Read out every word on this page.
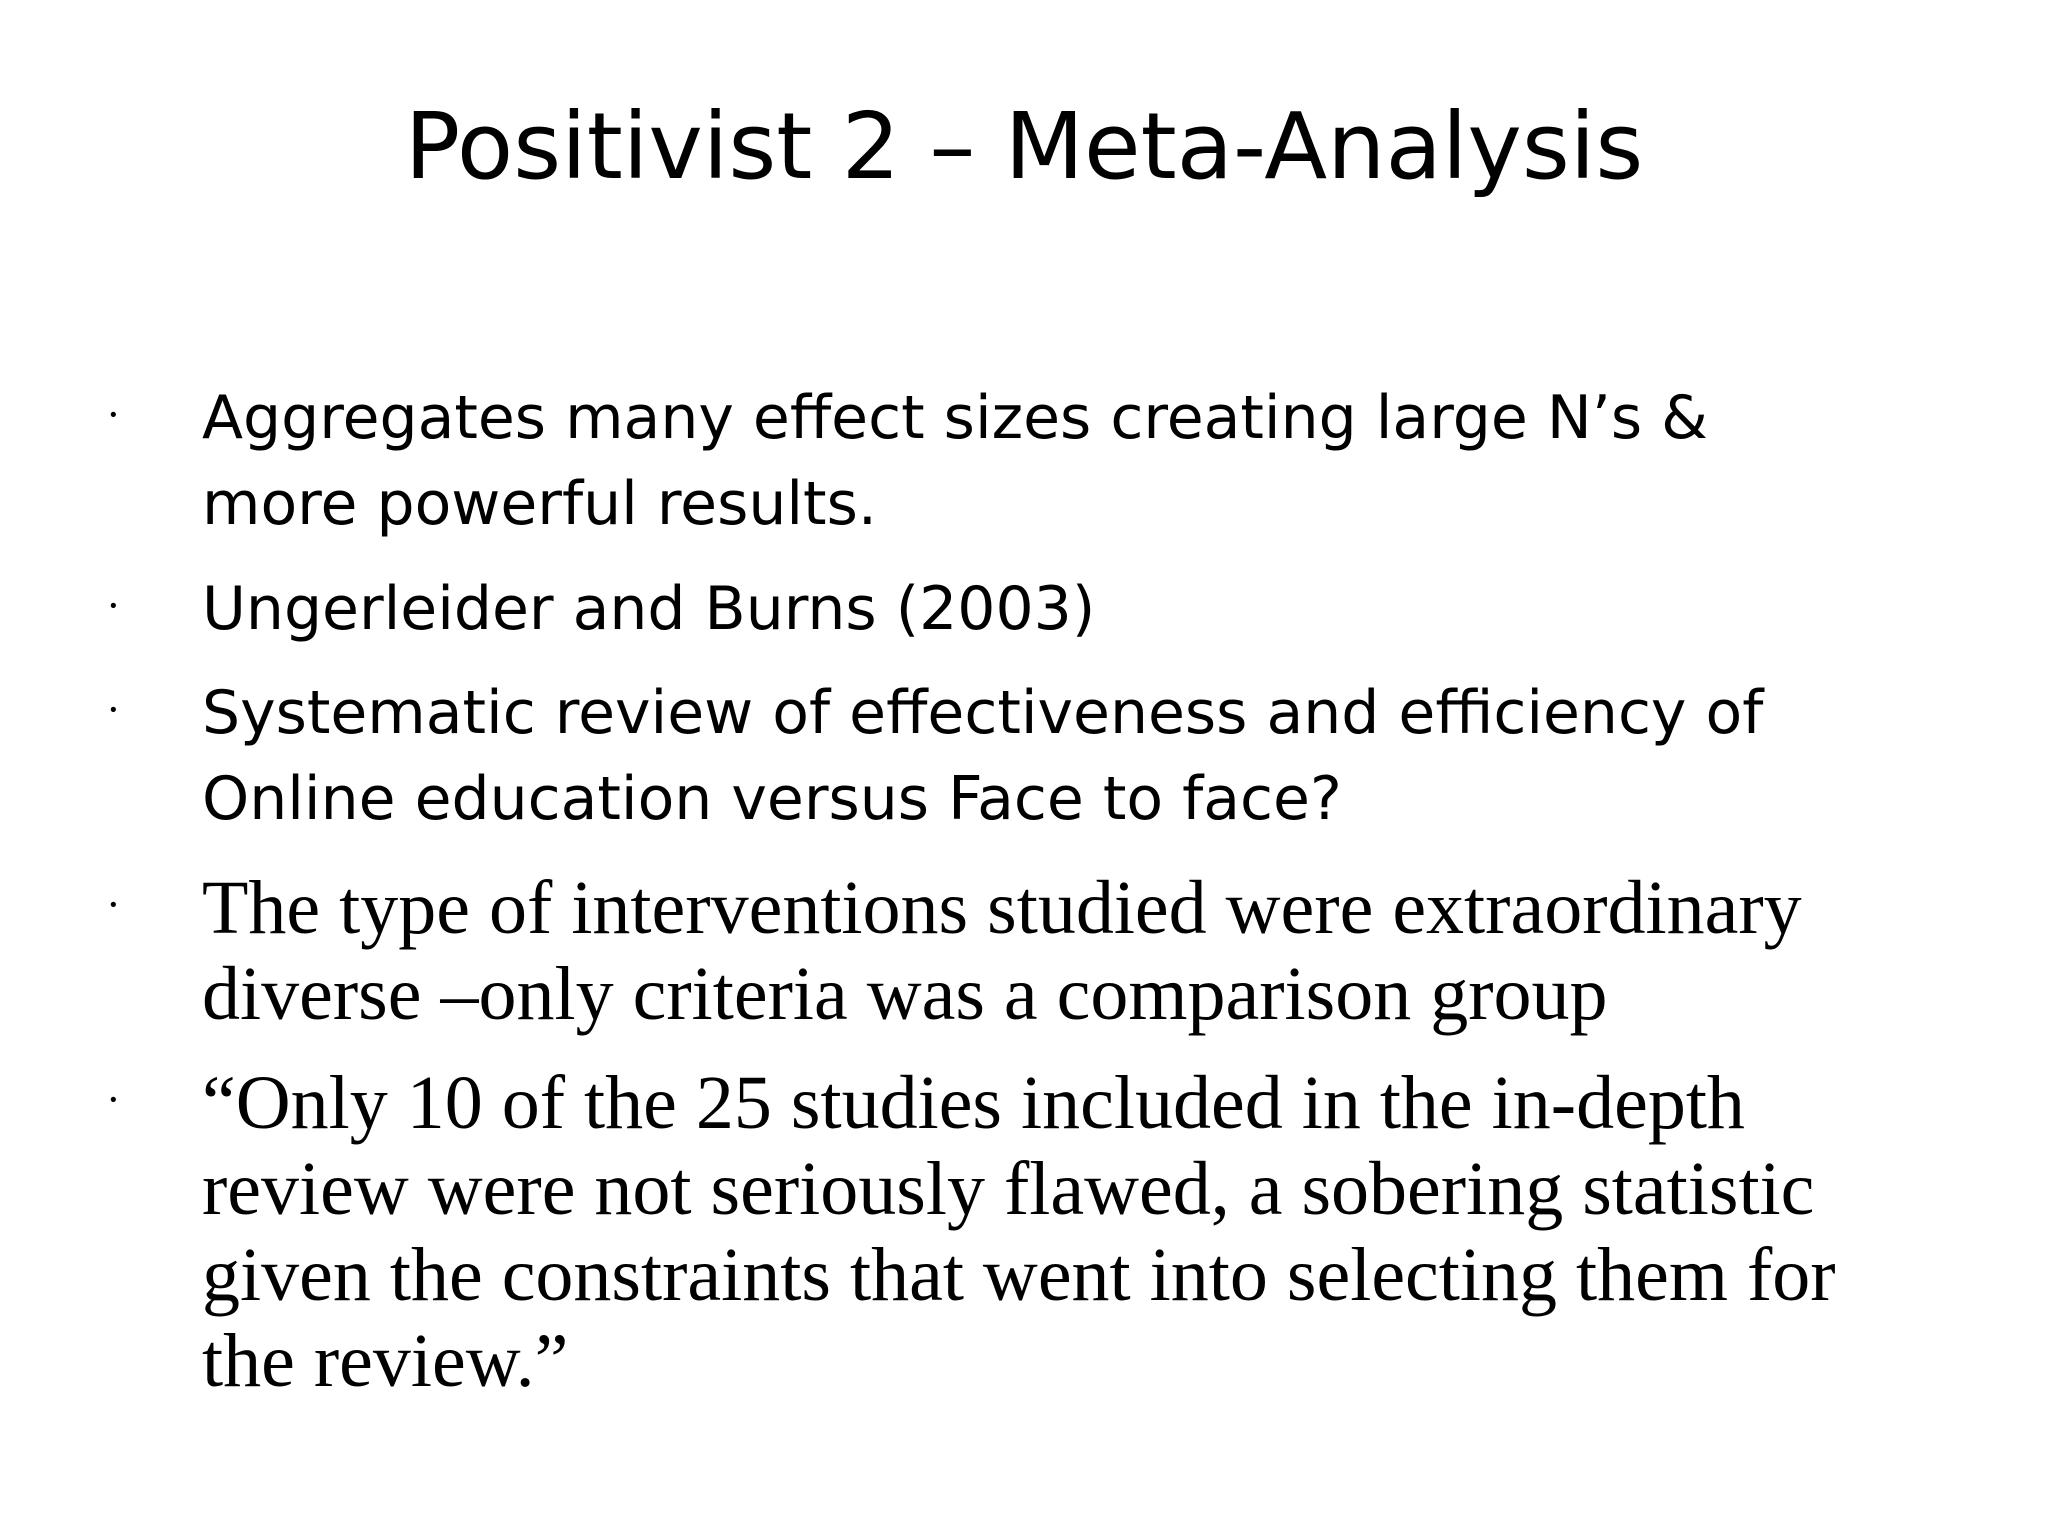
Positivist 2 – Meta-Analysis
· Aggregates many effect sizes creating large N’s &
more powerful results.
· Ungerleider and Burns (2003)
· Systematic review of effectiveness and efficiency of
Online education versus Face to face?
· The type of interventions studied were extraordinary
diverse –only criteria was a comparison group
· “Only 10 of the 25 studies included in the in-depth
review were not seriously flawed, a sobering statistic
given the constraints that went into selecting them for
the review.”
